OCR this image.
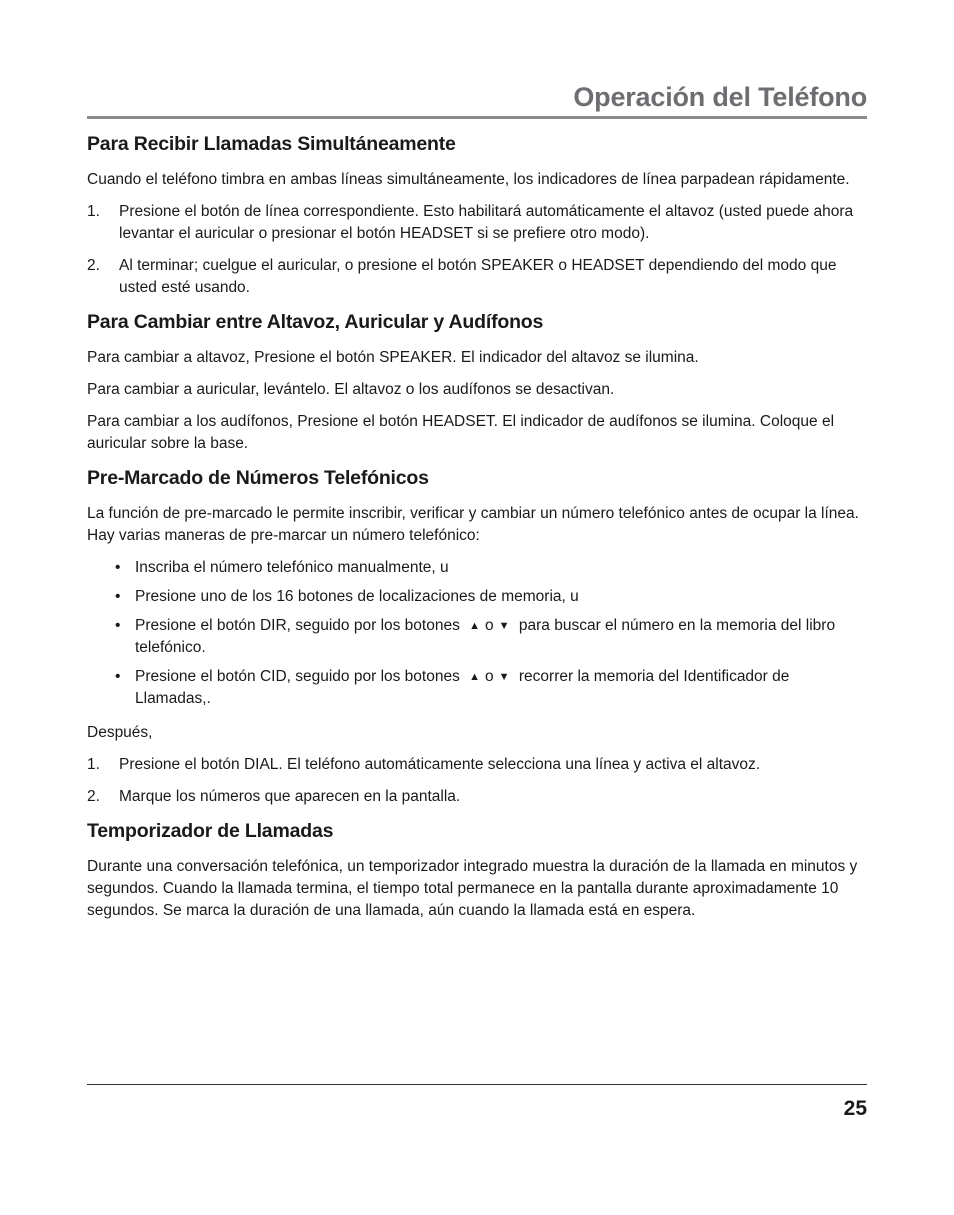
Operación del Teléfono
Para Recibir Llamadas Simultáneamente

Cuando el teléfono timbra en ambas líneas simultáneamente, los indicadores de línea parpadean rápidamente.

1.	Presione el botón de línea correspondiente. Esto habilitará automáticamente el altavoz (usted puede ahora levantar el auricular o presionar el botón HEADSET si se prefiere otro modo).
2.	Al terminar; cuelgue el auricular, o presione el botón SPEAKER o HEADSET dependiendo del modo que usted esté usando.
Para Cambiar entre Altavoz, Auricular y Audífonos

Para cambiar a altavoz, Presione el botón SPEAKER. El indicador del altavoz se ilumina.

Para cambiar a auricular, levántelo. El altavoz o los audífonos se desactivan.

Para cambiar a los audífonos, Presione el botón HEADSET. El indicador de audífonos se ilumina. Coloque el auricular sobre la base.

Pre-Marcado de Números Telefónicos

La función de pre-marcado le permite inscribir, verificar y cambiar un número telefónico antes de ocupar la línea. Hay varias maneras de pre-marcar un número telefónico:

• Inscriba el número telefónico manualmente, u
• Presione uno de los 16 botones de localizaciones de memoria, u
• Presione el botón DIR, seguido por los botones ▲ o ▼ para buscar el número en la memoria del libro telefónico.
• Presione el botón CID, seguido por los botones ▲ o ▼ recorrer la memoria del Identificador de Llamadas,.

Después,

1.	Presione el botón DIAL. El teléfono automáticamente selecciona una línea y activa el altavoz.
2.	Marque los números que aparecen en la pantalla.
Temporizador de Llamadas

Durante una conversación telefónica, un temporizador integrado muestra la duración de la llamada en minutos y segundos. Cuando la llamada termina, el tiempo total permanece en la pantalla durante aproximadamente 10 segundos. Se marca la duración de una llamada, aún cuando la llamada está en espera.

25
